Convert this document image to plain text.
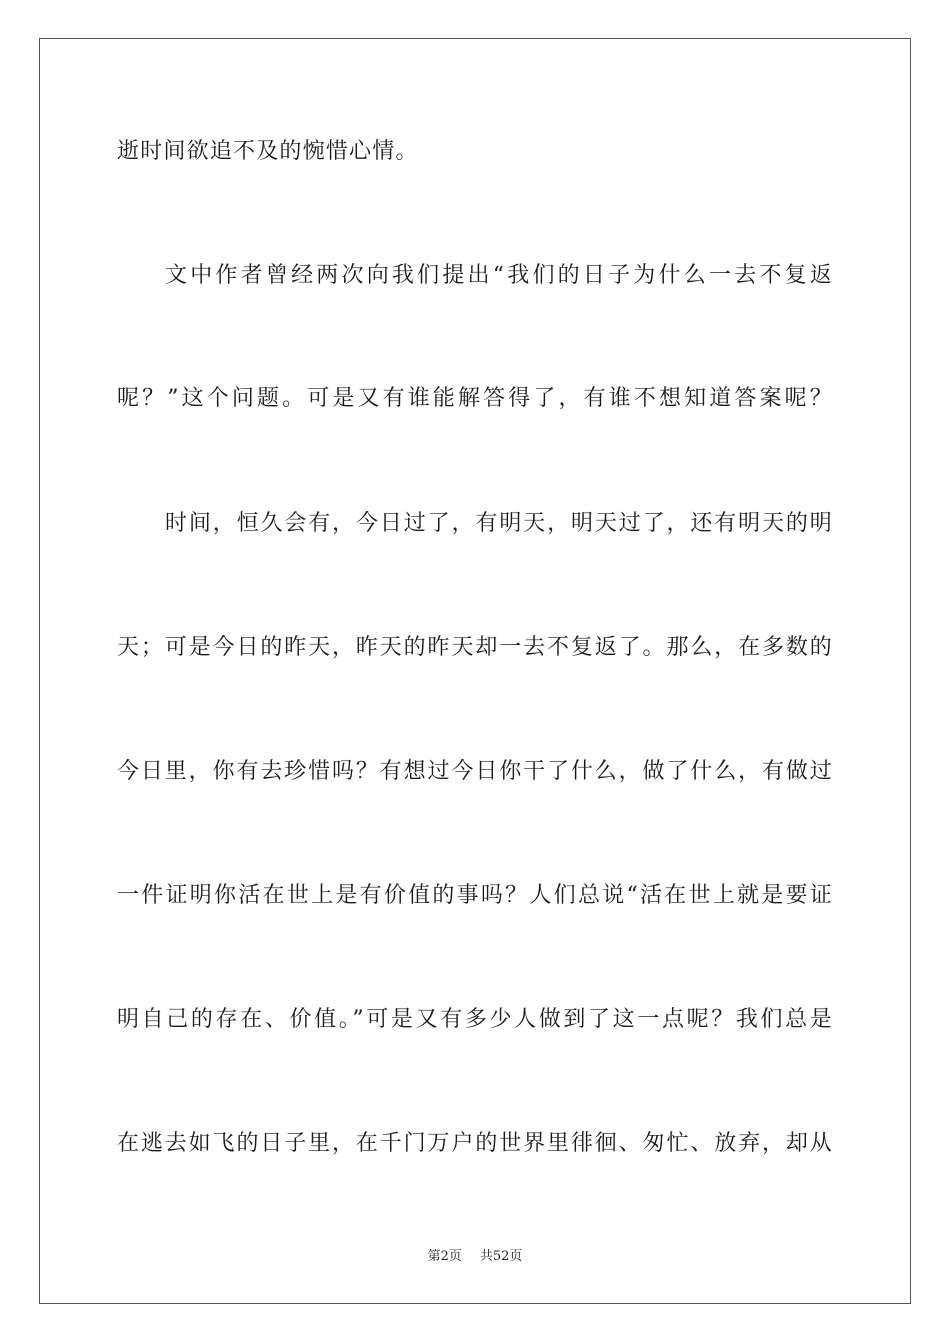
逝时间欲追不及的惋惜心情。
文中作者曾经两次向我们提出“我们的日子为什么一去不复返
呢？”这个问题。可是又有谁能解答得了，有谁不想知道答案呢？
时间，恒久会有，今日过了，有明天，明天过了，还有明天的明
天；可是今日的昨天，昨天的昨天却一去不复返了。那么，在多数的
今日里，你有去珍惜吗？有想过今日你干了什么，做了什么，有做过
一件证明你活在世上是有价值的事吗？人们总说“活在世上就是要证
明自己的存在、价值。”可是又有多少人做到了这一点呢？我们总是
在逃去如飞的日子里，在千门万户的世界里徘徊、匆忙、放弃，却从
第2页 共52页
